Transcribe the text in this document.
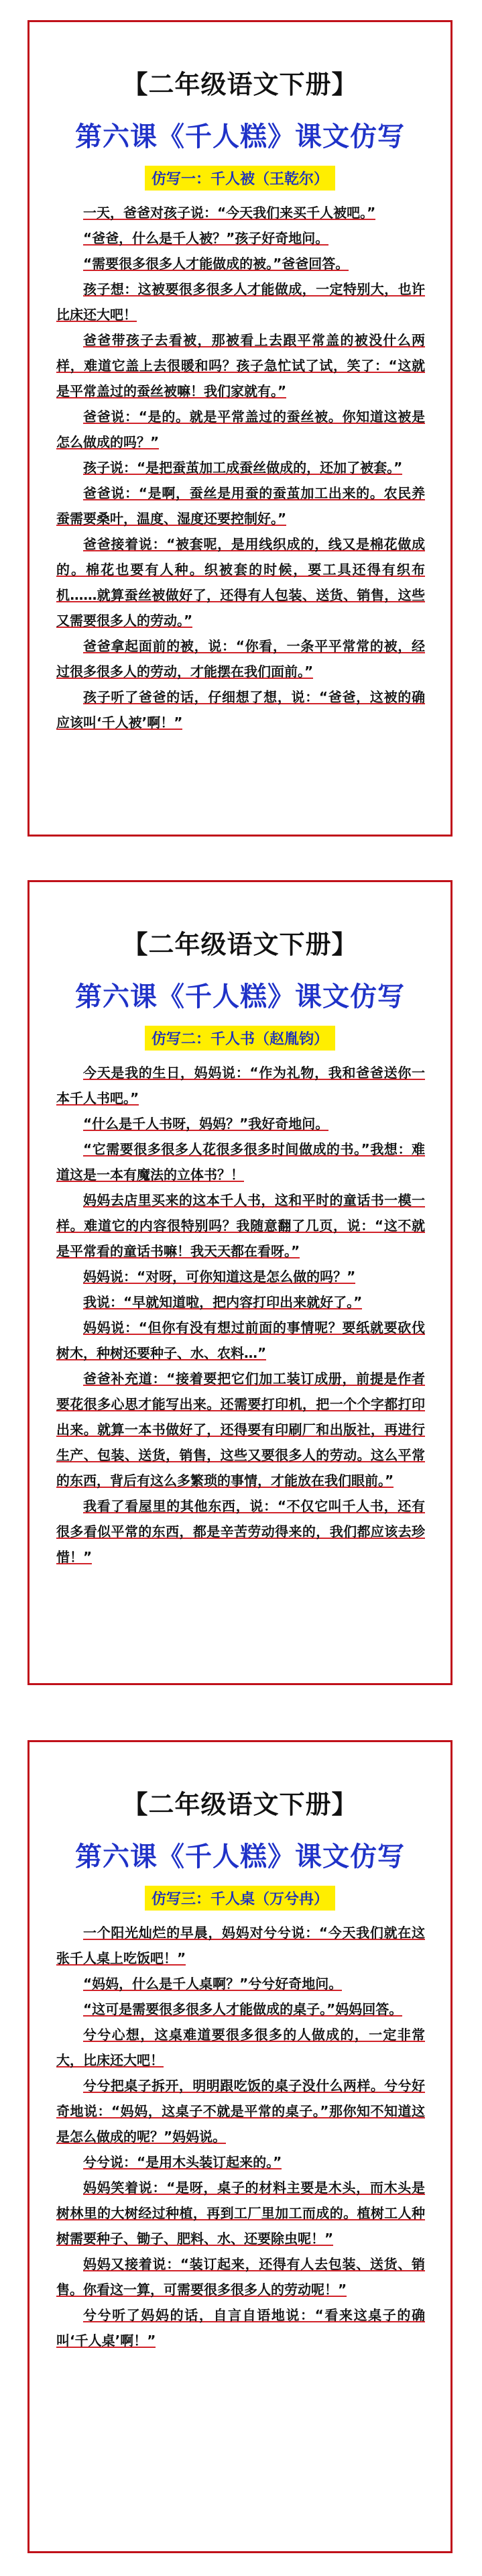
【二年级语文下册】
第六课《千人糕》课文仿写
仿写一：千人被（王乾尔）

一天，爸爸对孩子说：“今天我们来买千人被吧。”

“爸爸，什么是千人被？”孩子好奇地问。

“需要很多很多人才能做成的被。”爸爸回答。

孩子想：这被要很多很多人才能做成，一定特别大，也许比床还大吧！

爸爸带孩子去看被，那被看上去跟平常盖的被没什么两样，难道它盖上去很暖和吗？孩子急忙试了试，笑了：“这就是平常盖过的蚕丝被嘛！我们家就有。”

爸爸说：“是的。就是平常盖过的蚕丝被。你知道这被是怎么做成的吗？”

孩子说：“是把蚕茧加工成蚕丝做成的，还加了被套。”

爸爸说：“是啊，蚕丝是用蚕的蚕茧加工出来的。农民养蚕需要桑叶，温度、湿度还要控制好。”

爸爸接着说：“被套呢，是用线织成的，线又是棉花做成的。棉花也要有人种。织被套的时候，要工具还得有织布机……就算蚕丝被做好了，还得有人包装、送货、销售，这些又需要很多人的劳动。”

爸爸拿起面前的被，说：“你看，一条平平常常的被，经过很多很多人的劳动，才能摆在我们面前。”

孩子听了爸爸的话，仔细想了想，说：“爸爸，这被的确应该叫‘千人被’啊！”

【二年级语文下册】
第六课《千人糕》课文仿写
仿写二：千人书（赵胤钧）

今天是我的生日，妈妈说：“作为礼物，我和爸爸送你一本千人书吧。”

“什么是千人书呀，妈妈？”我好奇地问。

“它需要很多很多人花很多很多时间做成的书。”我想：难道这是一本有魔法的立体书？！

妈妈去店里买来的这本千人书，这和平时的童话书一模一样。难道它的内容很特别吗？我随意翻了几页，说：“这不就是平常看的童话书嘛！我天天都在看呀。”

妈妈说：“对呀，可你知道这是怎么做的吗？”

我说：“早就知道啦，把内容打印出来就好了。”

妈妈说：“但你有没有想过前面的事情呢？要纸就要砍伐树木，种树还要种子、水、农料…”

爸爸补充道：“接着要把它们加工装订成册，前提是作者要花很多心思才能写出来。还需要打印机，把一个个字都打印出来。就算一本书做好了，还得要有印刷厂和出版社，再进行生产、包装、送货，销售，这些又要很多人的劳动。这么平常的东西，背后有这么多繁琐的事情，才能放在我们眼前。”

我看了看屋里的其他东西，说：“不仅它叫千人书，还有很多看似平常的东西，都是辛苦劳动得来的，我们都应该去珍惜！”

【二年级语文下册】
第六课《千人糕》课文仿写
仿写三：千人桌（万兮冉）

一个阳光灿烂的早晨，妈妈对兮兮说：“今天我们就在这张千人桌上吃饭吧！”

“妈妈，什么是千人桌啊？”兮兮好奇地问。

“这可是需要很多很多人才能做成的桌子。”妈妈回答。

兮兮心想，这桌难道要很多很多的人做成的，一定非常大，比床还大吧！

兮兮把桌子拆开，明明跟吃饭的桌子没什么两样。兮兮好奇地说：“妈妈，这桌子不就是平常的桌子。”那你知不知道这是怎么做成的呢？”妈妈说。

兮兮说：“是用木头装订起来的。”

妈妈笑着说：“是呀，桌子的材料主要是木头，而木头是树林里的大树经过种植，再到工厂里加工而成的。植树工人种树需要种子、锄子、肥料、水、还要除虫呢！”

妈妈又接着说：“装订起来，还得有人去包装、送货、销售。你看这一算，可需要很多很多人的劳动呢！”

兮兮听了妈妈的话，自言自语地说：“看来这桌子的确叫‘千人桌’啊！”
